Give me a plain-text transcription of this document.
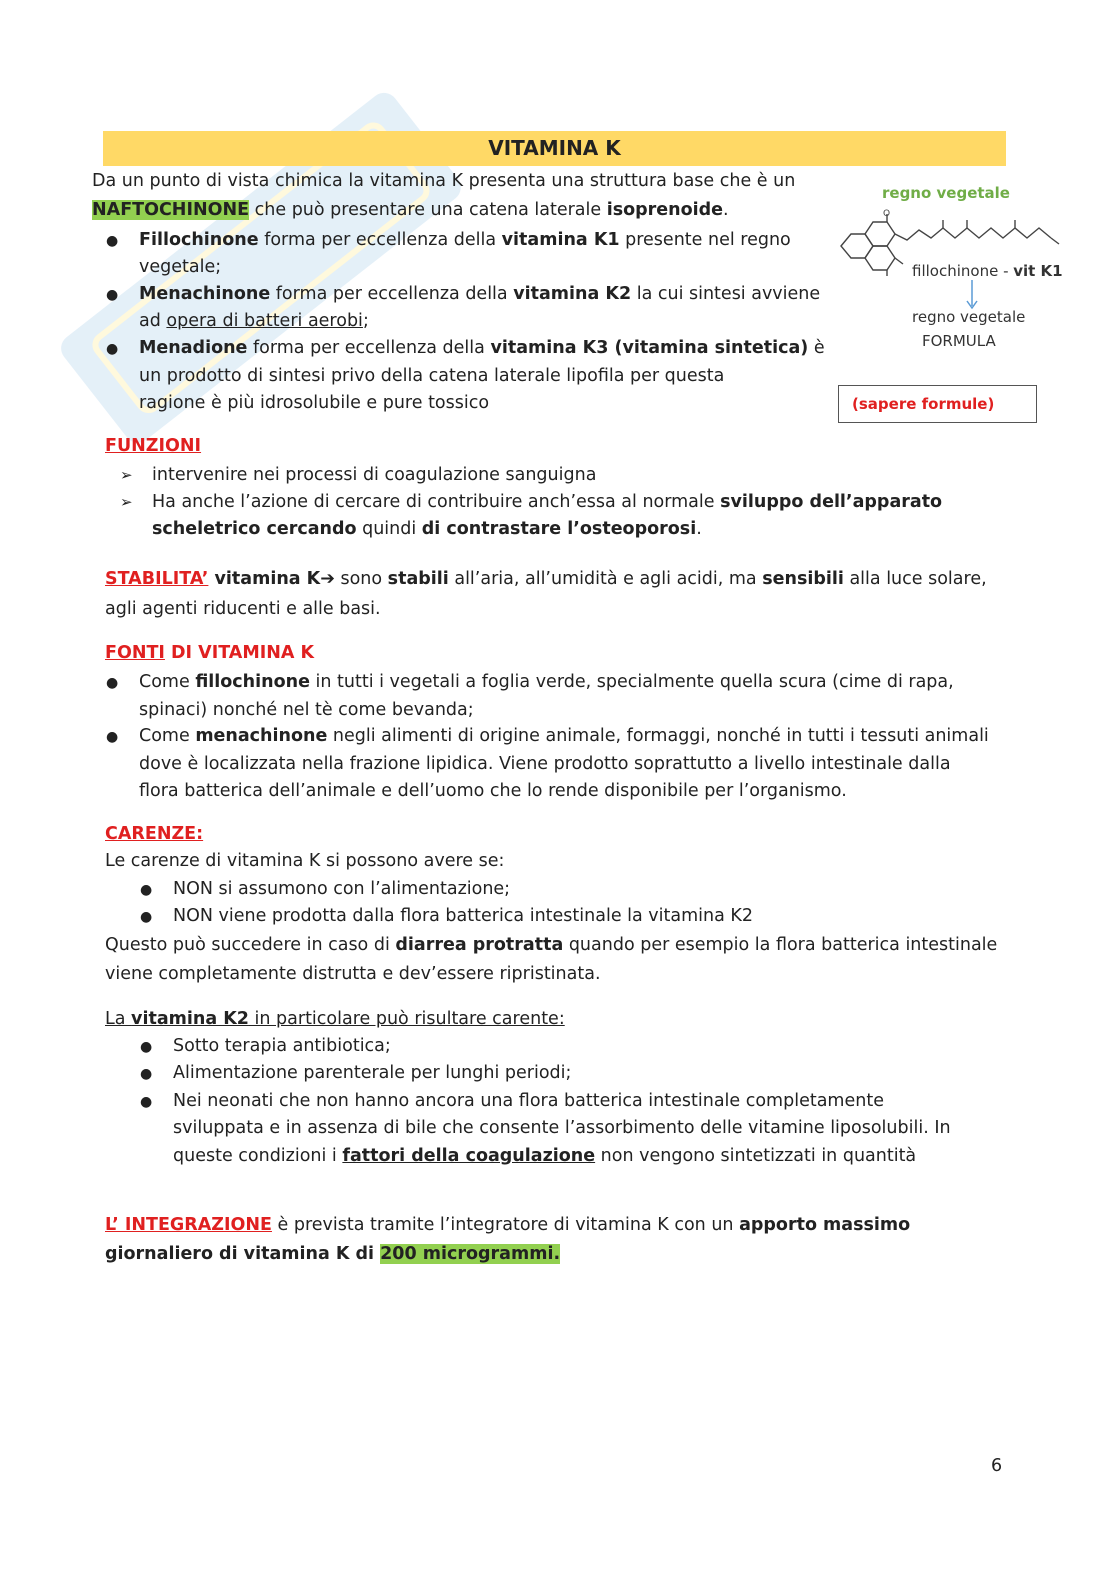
VITAMINA K
Da un punto di vista chimica la vitamina K presenta una struttura base che è un
NAFTOCHINONE che può presentare una catena laterale isoprenoide.
● Fillochinone forma per eccellenza della vitamina K1 presente nel regno
vegetale;
● Menachinone forma per eccellenza della vitamina K2 la cui sintesi avviene
ad opera di batteri aerobi;
● Menadione forma per eccellenza della vitamina K3 (vitamina sintetica) è
un prodotto di sintesi privo della catena laterale lipofila per questa
ragione è più idrosolubile e pure tossico
regno vegetale
O
fillochinone - vit K1
regno vegetale
FORMULA
(sapere formule)
FUNZIONI
➢ intervenire nei processi di coagulazione sanguigna
➢ Ha anche l’azione di cercare di contribuire anch’essa al normale sviluppo dell’apparato
scheletrico cercando quindi di contrastare l’osteoporosi.
STABILITA’ vitamina K➔ sono stabili all’aria, all’umidità e agli acidi, ma sensibili alla luce solare,
agli agenti riducenti e alle basi.
FONTI DI VITAMINA K
● Come fillochinone in tutti i vegetali a foglia verde, specialmente quella scura (cime di rapa,
spinaci) nonché nel tè come bevanda;
● Come menachinone negli alimenti di origine animale, formaggi, nonché in tutti i tessuti animali
dove è localizzata nella frazione lipidica. Viene prodotto soprattutto a livello intestinale dalla
flora batterica dell’animale e dell’uomo che lo rende disponibile per l’organismo.
CARENZE:
Le carenze di vitamina K si possono avere se:
● NON si assumono con l’alimentazione;
● NON viene prodotta dalla flora batterica intestinale la vitamina K2
Questo può succedere in caso di diarrea protratta quando per esempio la flora batterica intestinale
viene completamente distrutta e dev’essere ripristinata.
La vitamina K2 in particolare può risultare carente:
● Sotto terapia antibiotica;
● Alimentazione parenterale per lunghi periodi;
● Nei neonati che non hanno ancora una flora batterica intestinale completamente
sviluppata e in assenza di bile che consente l’assorbimento delle vitamine liposolubili. In
queste condizioni i fattori della coagulazione non vengono sintetizzati in quantità
L’ INTEGRAZIONE è prevista tramite l’integratore di vitamina K con un apporto massimo
giornaliero di vitamina K di 200 microgrammi.
6
